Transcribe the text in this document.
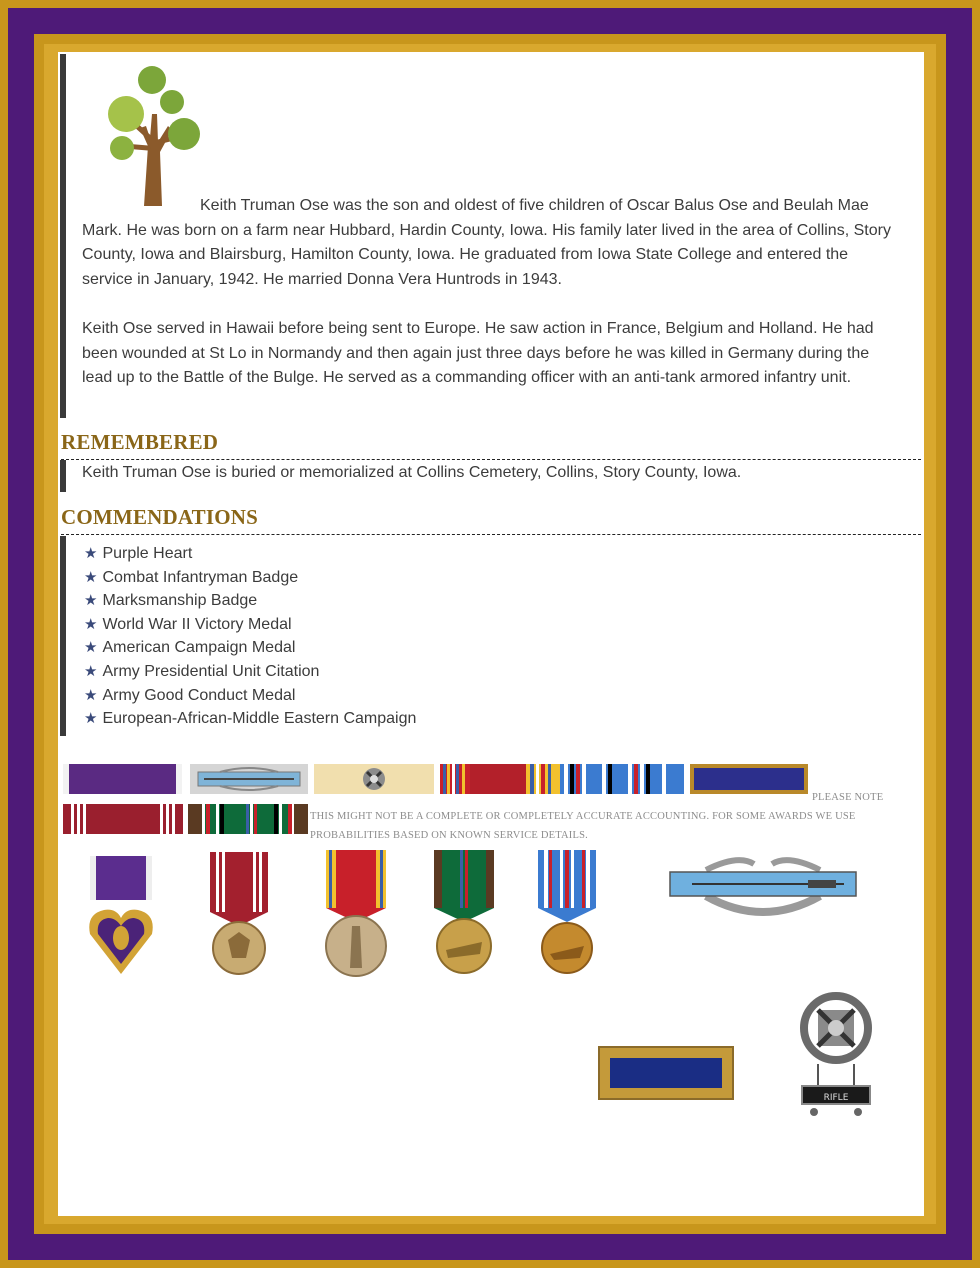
Keith Truman Ose was the son and oldest of five children of Oscar Balus Ose and Beulah Mae Mark. He was born on a farm near Hubbard, Hardin County, Iowa. His family later lived in the area of Collins, Story County, Iowa and Blairsburg, Hamilton County, Iowa. He graduated from Iowa State College and entered the service in January, 1942. He married Donna Vera Huntrods in 1943.

Keith Ose served in Hawaii before being sent to Europe. He saw action in France, Belgium and Holland. He had been wounded at St Lo in Normandy and then again just three days before he was killed in Germany during the lead up to the Battle of the Bulge. He served as a commanding officer with an anti-tank armored infantry unit.

REMEMBERED
Keith Truman Ose is buried or memorialized at Collins Cemetery, Collins, Story County, Iowa.
COMMENDATIONS
★ Purple Heart
★ Combat Infantryman Badge
★ Marksmanship Badge
★ World War II Victory Medal
★ American Campaign Medal
★ Army Presidential Unit Citation
★ Army Good Conduct Medal
★ European-African-Middle Eastern Campaign
PLEASE NOTE
THIS MIGHT NOT BE A COMPLETE OR COMPLETELY ACCURATE ACCOUNTING. FOR SOME AWARDS WE USE
PROBABILITIES BASED ON KNOWN SERVICE DETAILS.
RIFLE
